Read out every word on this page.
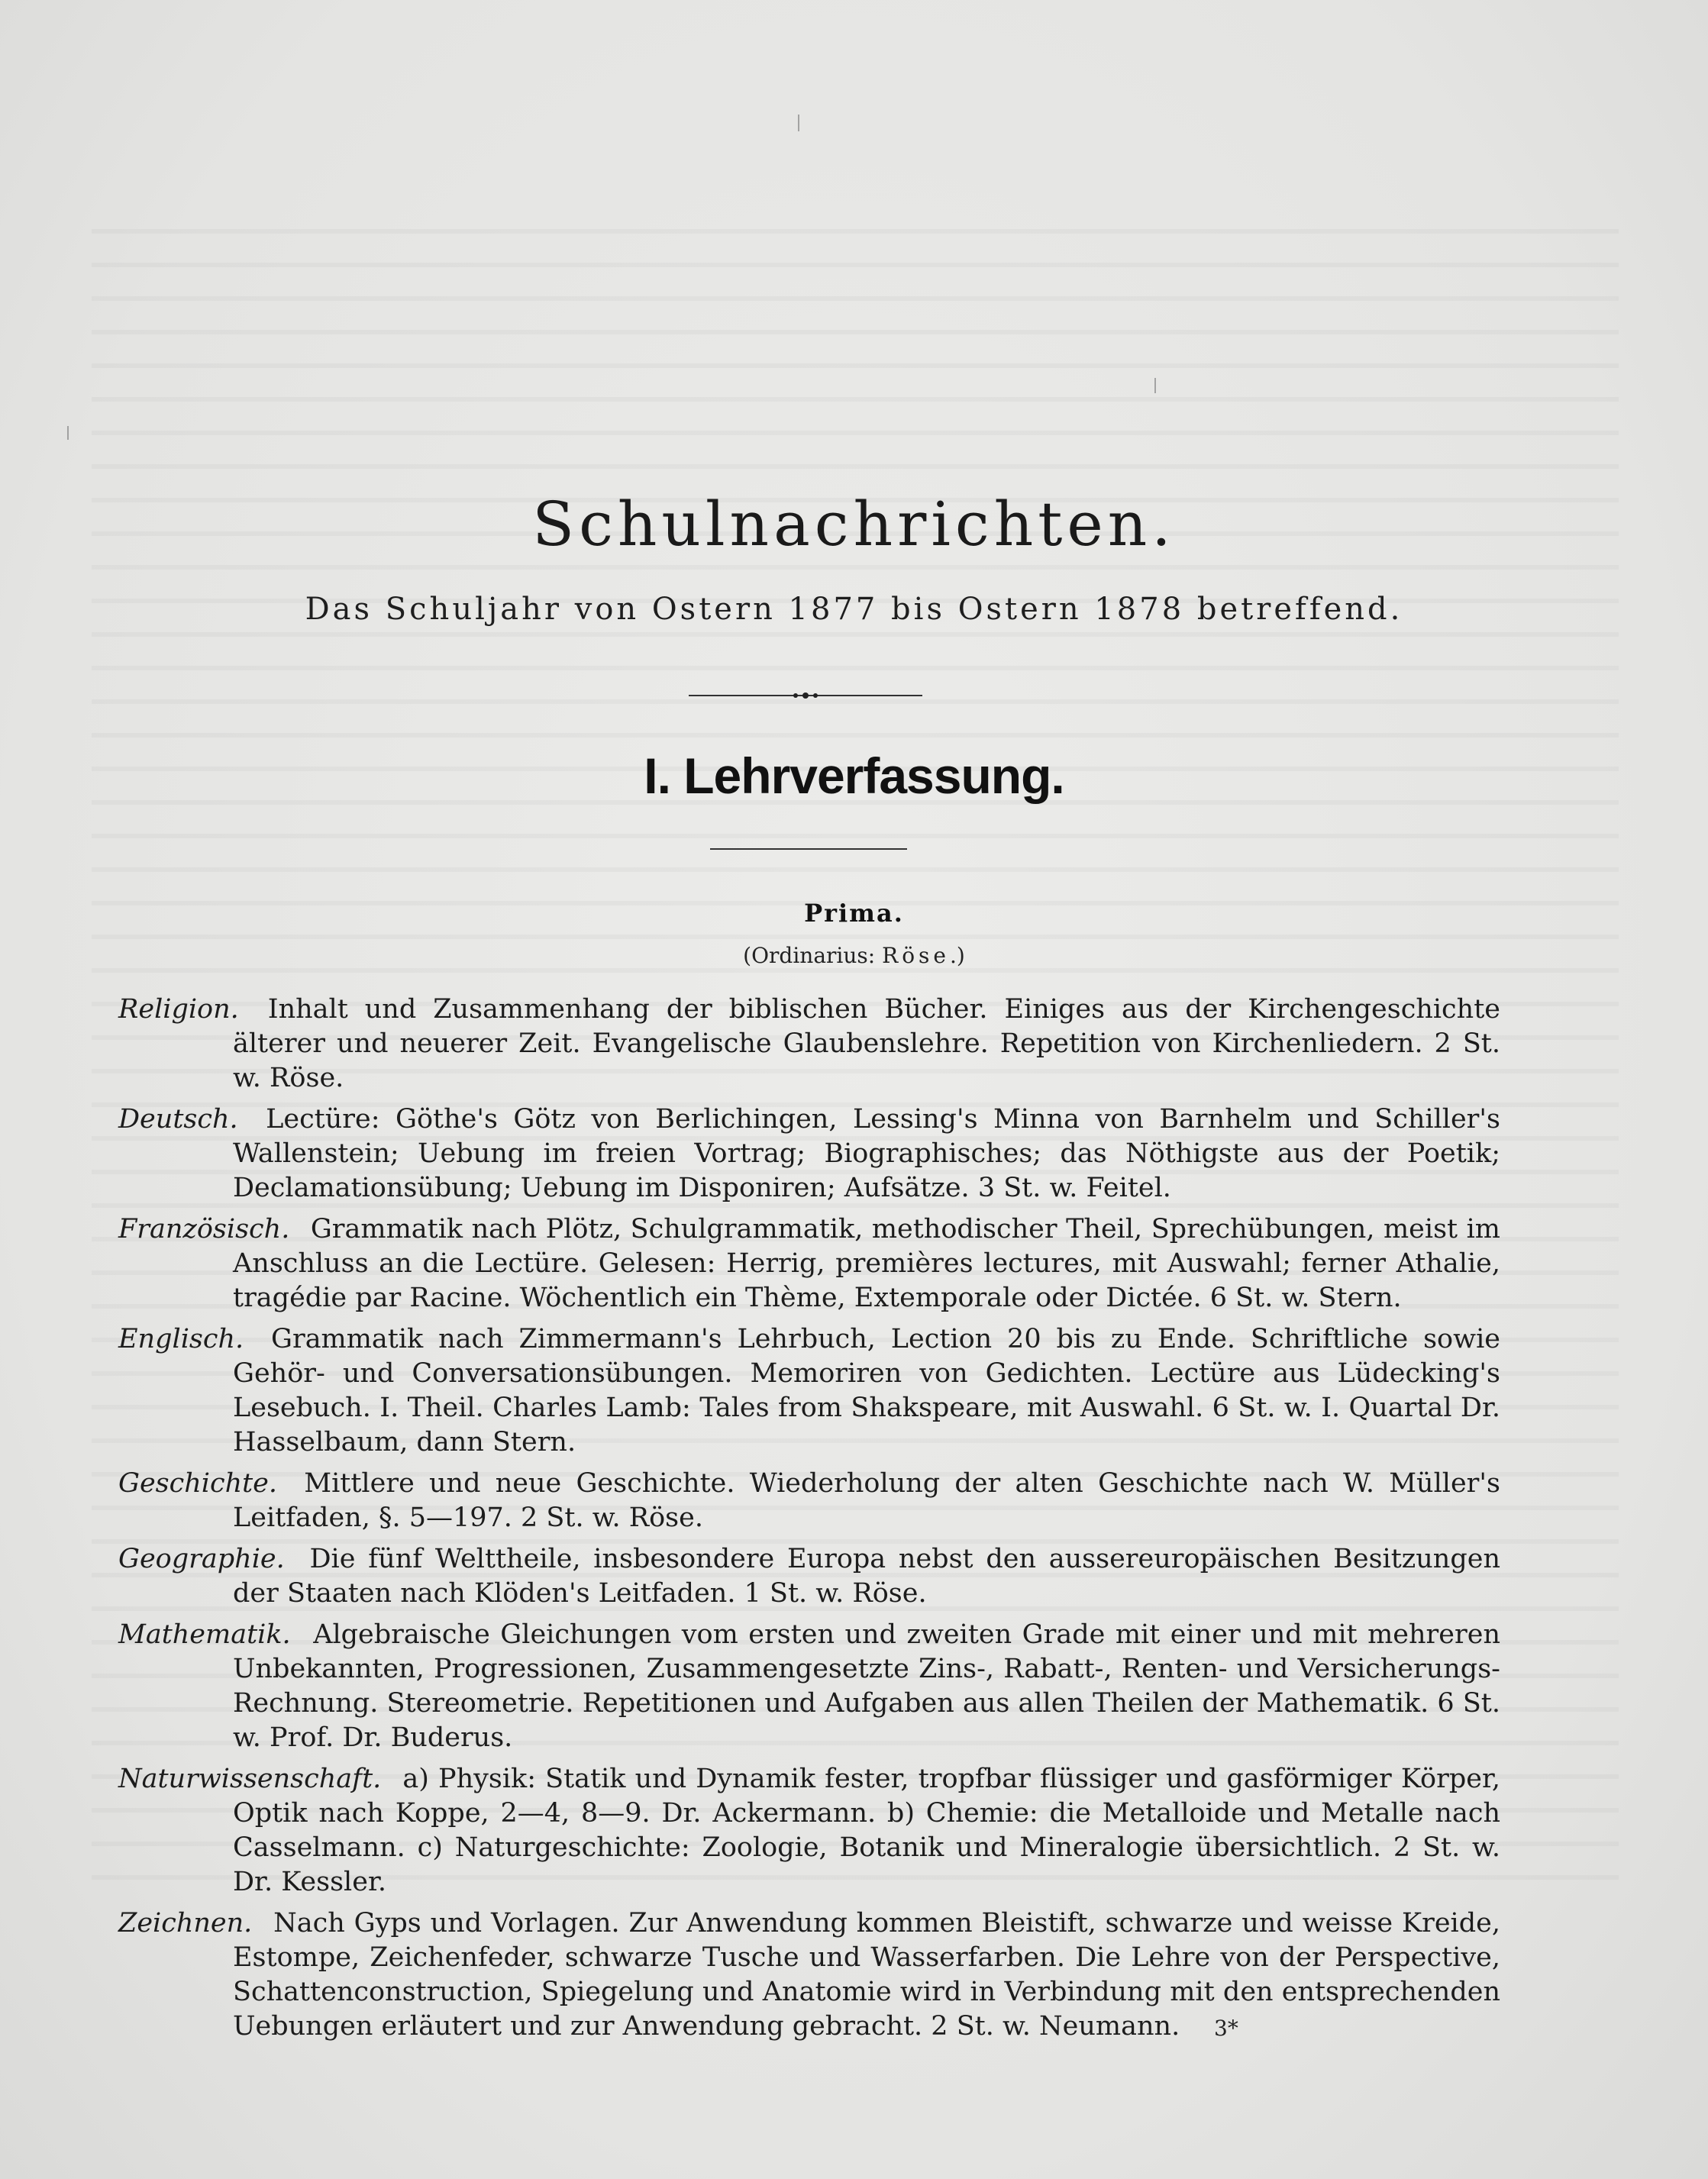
Schulnachrichten.
Das Schuljahr von Ostern 1877 bis Ostern 1878 betreffend.
I. Lehrverfassung.
Prima.
(Ordinarius: Röse.)

Religion. Inhalt und Zusammenhang der biblischen Bücher. Einiges aus der Kirchengeschichte älterer und neuerer Zeit. Evangelische Glaubenslehre. Repetition von Kirchenliedern. 2 St. w. Röse.

Deutsch. Lectüre: Göthe's Götz von Berlichingen, Lessing's Minna von Barnhelm und Schiller's Wallenstein; Uebung im freien Vortrag; Biographisches; das Nöthigste aus der Poetik; Declamationsübung; Uebung im Disponiren; Aufsätze. 3 St. w. Feitel.

Französisch. Grammatik nach Plötz, Schulgrammatik, methodischer Theil, Sprechübungen, meist im Anschluss an die Lectüre. Gelesen: Herrig, premières lectures, mit Auswahl; ferner Athalie, tragédie par Racine. Wöchentlich ein Thème, Extemporale oder Dictée. 6 St. w. Stern.

Englisch. Grammatik nach Zimmermann's Lehrbuch, Lection 20 bis zu Ende. Schriftliche sowie Gehör- und Conversationsübungen. Memoriren von Gedichten. Lectüre aus Lüdecking's Lesebuch. I. Theil. Charles Lamb: Tales from Shakspeare, mit Auswahl. 6 St. w. I. Quartal Dr. Hasselbaum, dann Stern.

Geschichte. Mittlere und neue Geschichte. Wiederholung der alten Geschichte nach W. Müller's Leitfaden, §. 5—197. 2 St. w. Röse.

Geographie. Die fünf Welttheile, insbesondere Europa nebst den aussereuropäischen Besitzungen der Staaten nach Klöden's Leitfaden. 1 St. w. Röse.

Mathematik. Algebraische Gleichungen vom ersten und zweiten Grade mit einer und mit mehreren Unbekannten, Progressionen, Zusammengesetzte Zins-, Rabatt-, Renten- und Versicherungs-Rechnung. Stereometrie. Repetitionen und Aufgaben aus allen Theilen der Mathematik. 6 St. w. Prof. Dr. Buderus.

Naturwissenschaft. a) Physik: Statik und Dynamik fester, tropfbar flüssiger und gasförmiger Körper, Optik nach Koppe, 2—4, 8—9. Dr. Ackermann. b) Chemie: die Metalloide und Metalle nach Casselmann. c) Naturgeschichte: Zoologie, Botanik und Mineralogie übersichtlich. 2 St. w. Dr. Kessler.

Zeichnen. Nach Gyps und Vorlagen. Zur Anwendung kommen Bleistift, schwarze und weisse Kreide, Estompe, Zeichenfeder, schwarze Tusche und Wasserfarben. Die Lehre von der Perspective, Schattenconstruction, Spiegelung und Anatomie wird in Verbindung mit den entsprechenden Uebungen erläutert und zur Anwendung gebracht. 2 St. w. Neumann.	3*
